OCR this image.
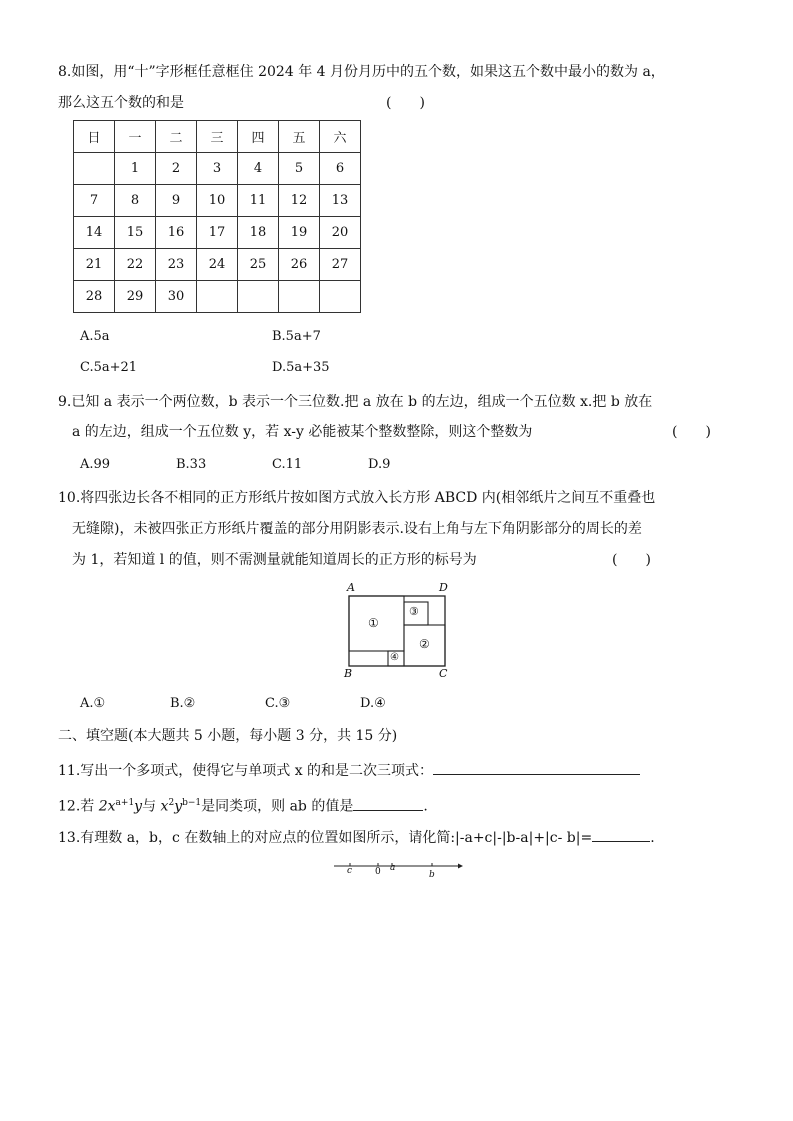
8.如图，用“十”字形框任意框住 2024 年 4 月份月历中的五个数，如果这五个数中最小的数为 a，
那么这五个数的和是	(　　)
日	一	二	三	四	五	六
	1	2	3	4	5	6
7	8	9	10	11	12	13
14	15	16	17	18	19	20
21	22	23	24	25	26	27
28	29	30				
A.5a	B.5a+7
C.5a+21	D.5a+35
9.已知 a 表示一个两位数，b 表示一个三位数.把 a 放在 b 的左边，组成一个五位数 x.把 b 放在
a 的左边，组成一个五位数 y，若 x-y 必能被某个整数整除，则这个整数为	(　　)
A.99	B.33	C.11	D.9
10.将四张边长各不相同的正方形纸片按如图方式放入长方形 ABCD 内(相邻纸片之间互不重叠也
无缝隙)，未被四张正方形纸片覆盖的部分用阴影表示.设右上角与左下角阴影部分的周长的差
为 1，若知道 l 的值，则不需测量就能知道周长的正方形的标号为	(　　)
A	D
B	C
①
②
③
④
A.①	B.②	C.③	D.④
二、填空题(本大题共 5 小题，每小题 3 分，共 15 分)
11.写出一个多项式，使得它与单项式 x 的和是二次三项式：
12.若 $2x^{a+1}y$与 $x^2y^{b-1}$是同类项，则 ab 的值是	.
13.有理数 a，b，c 在数轴上的对应点的位置如图所示，请化简:|-a+c|-|b-a|+|c- b|=	.
c	0 a
b
